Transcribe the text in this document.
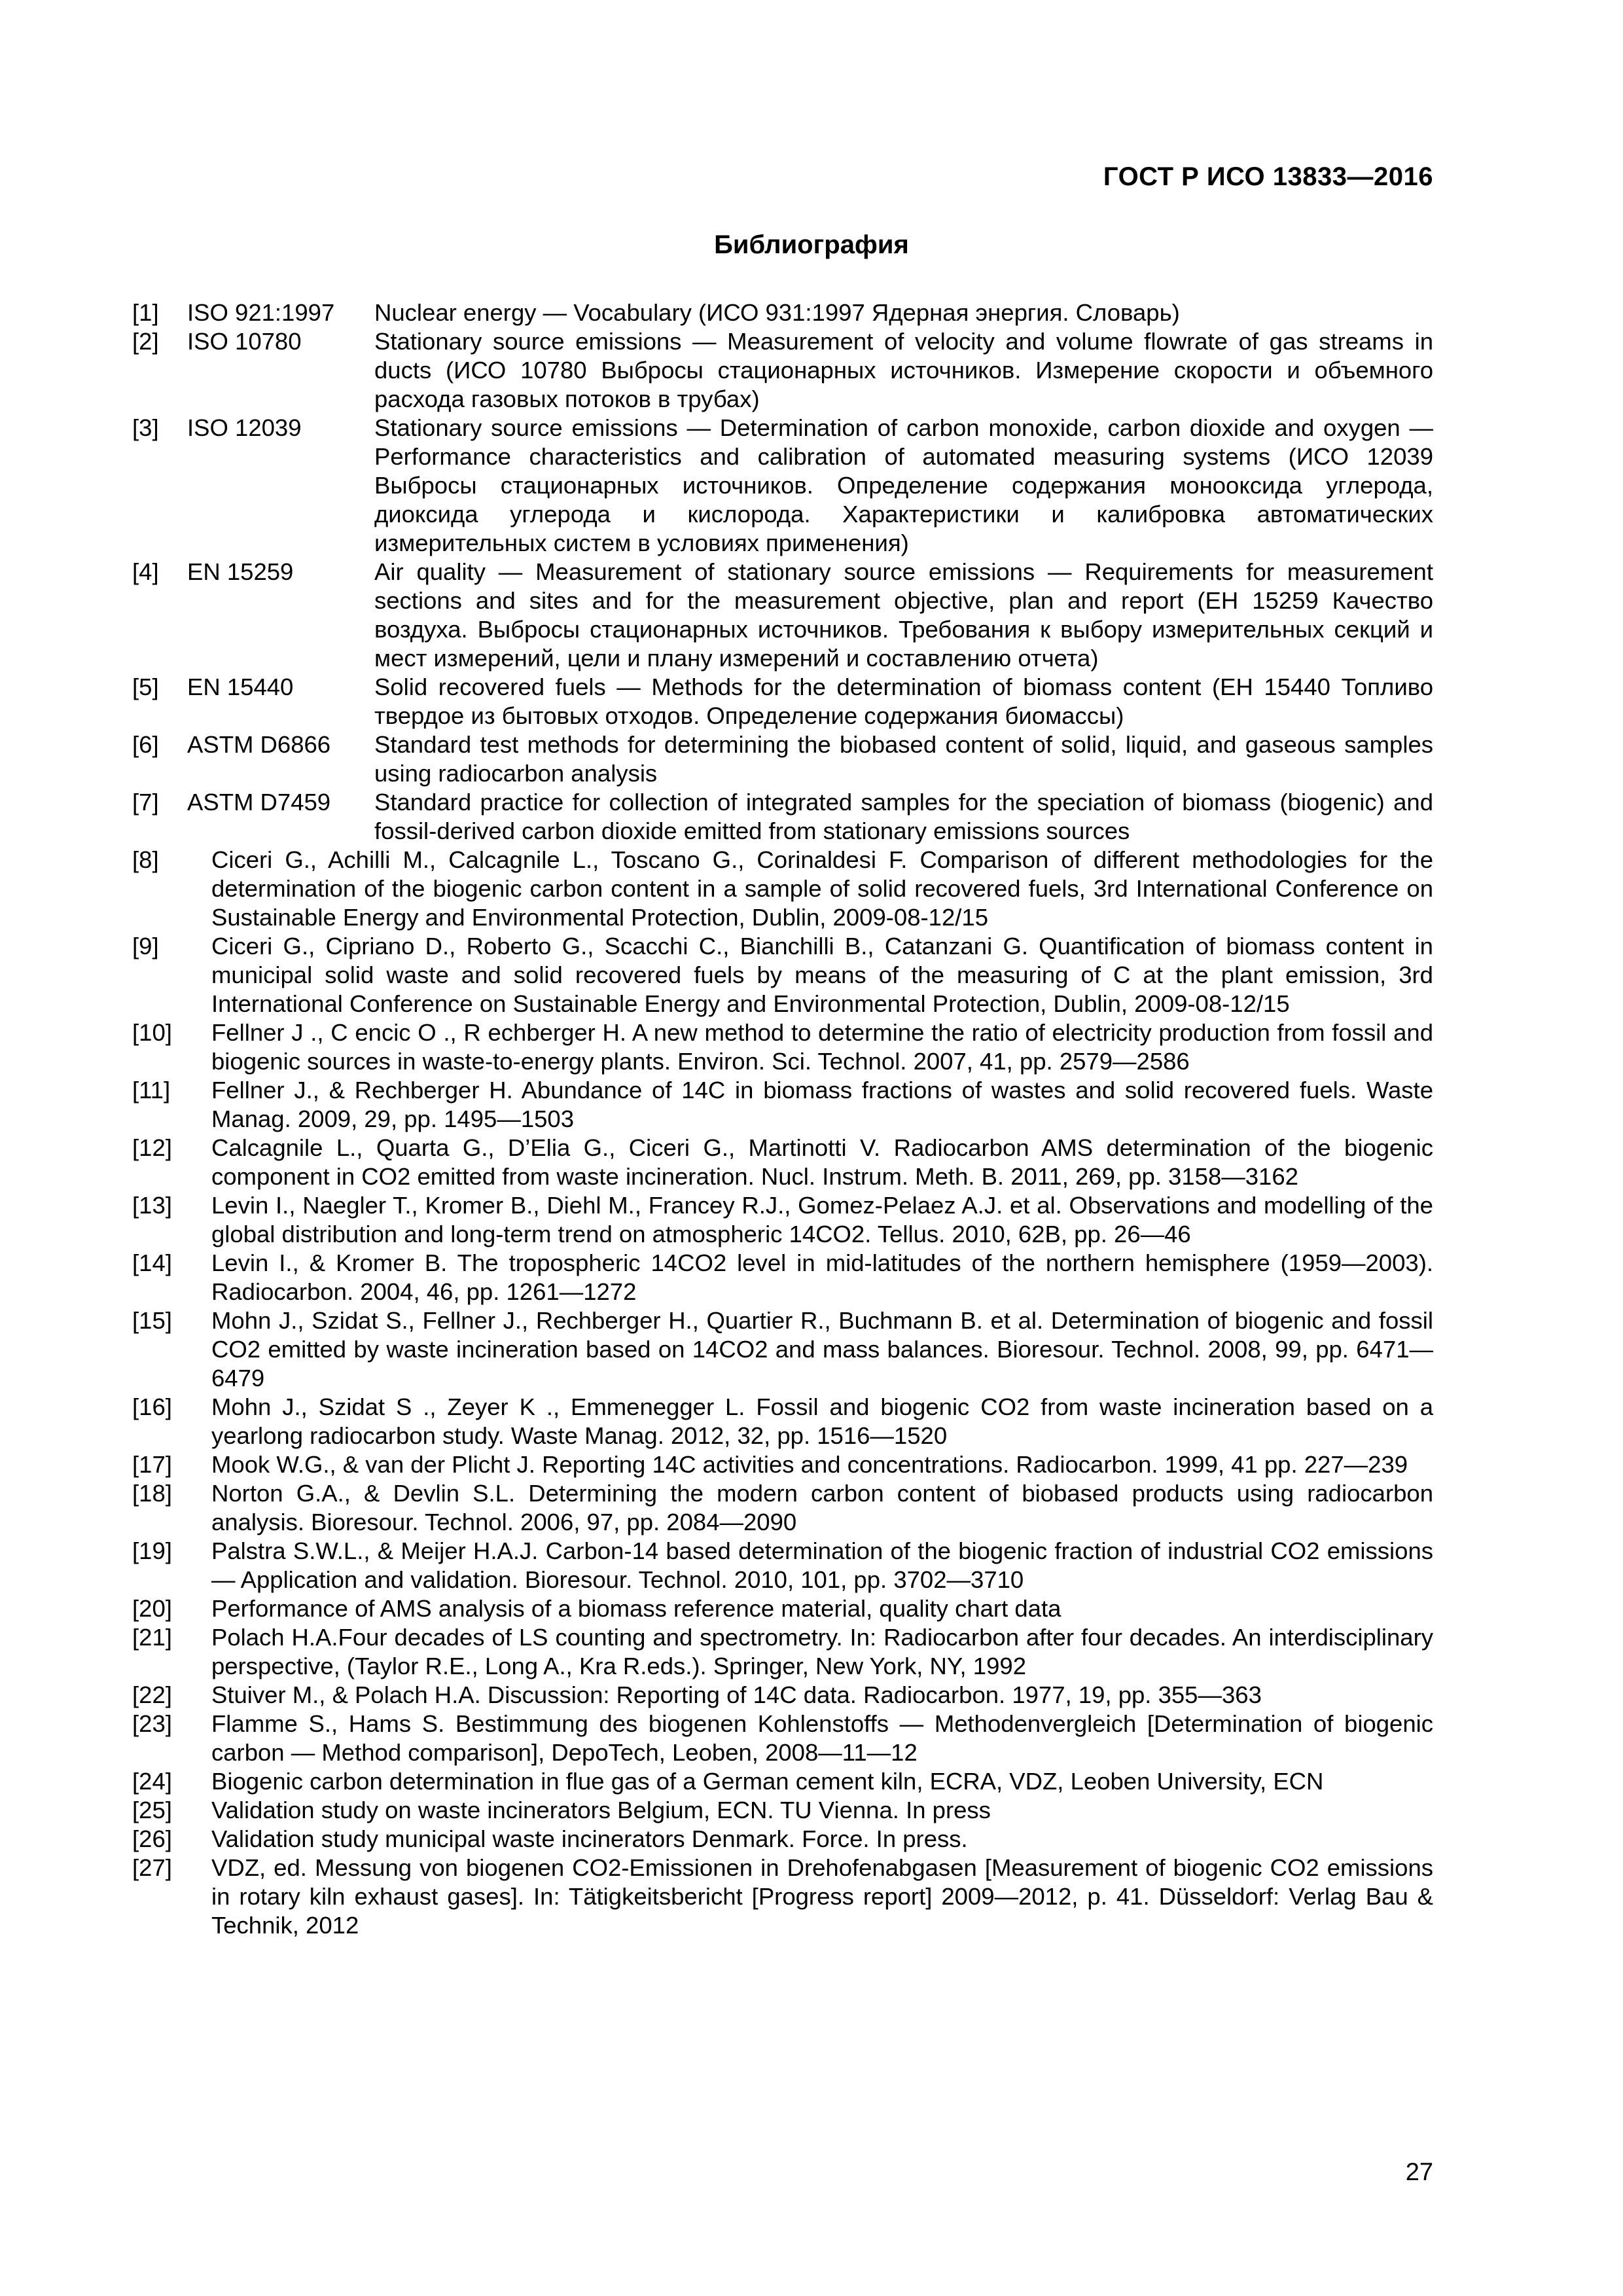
ГОСТ Р ИСО 13833—2016
Библиография
[1]	ISO 921:1997	Nuclear energy — Vocabulary (ИСО 931:1997 Ядерная энергия. Словарь)
[2]	ISO 10780	Stationary source emissions — Measurement of velocity and volume flowrate of gas streams in ducts (ИСО 10780 Выбросы стационарных источников. Измерение скорости и объемного расхода газовых потоков в трубах)
[3]	ISO 12039	Stationary source emissions — Determination of carbon monoxide, carbon dioxide and oxygen — Performance characteristics and calibration of automated measuring systems (ИСО 12039 Выбросы стационарных источников. Определение содержания монооксида углерода, диоксида углерода и кислорода. Характеристики и калибровка автоматических измерительных систем в условиях применения)
[4]	EN 15259	Air quality — Measurement of stationary source emissions — Requirements for measurement sections and sites and for the measurement objective, plan and report (ЕН 15259 Качество воздуха. Выбросы стационарных источников. Требования к выбору измерительных секций и мест измерений, цели и плану измерений и составлению отчета)
[5]	EN 15440	Solid recovered fuels — Methods for the determination of biomass content (ЕН 15440 Топливо твердое из бытовых отходов. Определение содержания биомассы)
[6]	ASTM D6866	Standard test methods for determining the biobased content of solid, liquid, and gaseous samples using radiocarbon analysis
[7]	ASTM D7459	Standard practice for collection of integrated samples for the speciation of biomass (biogenic) and fossil-derived carbon dioxide emitted from stationary emissions sources
[8]	Ciceri G., Achilli M., Calcagnile L., Toscano G., Corinaldesi F. Comparison of different methodologies for the determination of the biogenic carbon content in a sample of solid recovered fuels, 3rd International Conference on Sustainable Energy and Environmental Protection, Dublin, 2009-08-12/15
[9]	Ciceri G., Cipriano D., Roberto G., Scacchi C., Bianchilli B., Catanzani G. Quantification of biomass content in municipal solid waste and solid recovered fuels by means of the measuring of C at the plant emission, 3rd International Conference on Sustainable Energy and Environmental Protection, Dublin, 2009-08-12/15
[10]	Fellner J ., C encic O ., R echberger H. A new method to determine the ratio of electricity production from fossil and biogenic sources in waste-to-energy plants. Environ. Sci. Technol. 2007, 41, pp. 2579—2586
[11]	Fellner J., & Rechberger H. Abundance of 14C in biomass fractions of wastes and solid recovered fuels. Waste Manag. 2009, 29, pp. 1495—1503
[12]	Calcagnile L., Quarta G., D’Elia G., Ciceri G., Martinotti V. Radiocarbon AMS determination of the biogenic component in CO2 emitted from waste incineration. Nucl. Instrum. Meth. B. 2011, 269, pp. 3158—3162
[13]	Levin I., Naegler T., Kromer B., Diehl M., Francey R.J., Gomez-Pelaez A.J. et al. Observations and modelling of the global distribution and long-term trend on atmospheric 14CO2. Tellus. 2010, 62B, pp. 26—46
[14]	Levin I., & Kromer B. The tropospheric 14CO2 level in mid-latitudes of the northern hemisphere (1959—2003). Radiocarbon. 2004, 46, pp. 1261—1272
[15]	Mohn J., Szidat S., Fellner J., Rechberger H., Quartier R., Buchmann B. et al. Determination of biogenic and fossil CO2 emitted by waste incineration based on 14CO2 and mass balances. Bioresour. Technol. 2008, 99, pp. 6471—6479
[16]	Mohn J., Szidat S ., Zeyer K ., Emmenegger L. Fossil and biogenic CO2 from waste incineration based on a yearlong radiocarbon study. Waste Manag. 2012, 32, pp. 1516—1520
[17]	Mook W.G., & van der Plicht J. Reporting 14C activities and concentrations. Radiocarbon. 1999, 41 pp. 227—239
[18]	Norton G.A., & Devlin S.L. Determining the modern carbon content of biobased products using radiocarbon analysis. Bioresour. Technol. 2006, 97, pp. 2084—2090
[19]	Palstra S.W.L., & Meijer H.A.J. Carbon-14 based determination of the biogenic fraction of industrial CO2 emissions — Application and validation. Bioresour. Technol. 2010, 101, pp. 3702—3710
[20]	Performance of AMS analysis of a biomass reference material, quality chart data
[21]	Polach H.A.Four decades of LS counting and spectrometry. In: Radiocarbon after four decades. An interdisciplinary perspective, (Taylor R.E., Long A., Kra R.eds.). Springer, New York, NY, 1992
[22]	Stuiver M., & Polach H.A. Discussion: Reporting of 14C data. Radiocarbon. 1977, 19, pp. 355—363
[23]	Flamme S., Hams S. Bestimmung des biogenen Kohlenstoffs — Methodenvergleich [Determination of biogenic carbon — Method comparison], DepoTech, Leoben, 2008—11—12
[24]	Biogenic carbon determination in flue gas of a German cement kiln, ECRA, VDZ, Leoben University, ECN
[25]	Validation study on waste incinerators Belgium, ECN. TU Vienna. In press
[26]	Validation study municipal waste incinerators Denmark. Force. In press.
[27]	VDZ, ed. Messung von biogenen CO2-Emissionen in Drehofenabgasen [Measurement of biogenic CO2 emissions in rotary kiln exhaust gases]. In: Tätigkeitsbericht [Progress report] 2009—2012, p. 41. Düsseldorf: Verlag Bau & Technik, 2012
27
